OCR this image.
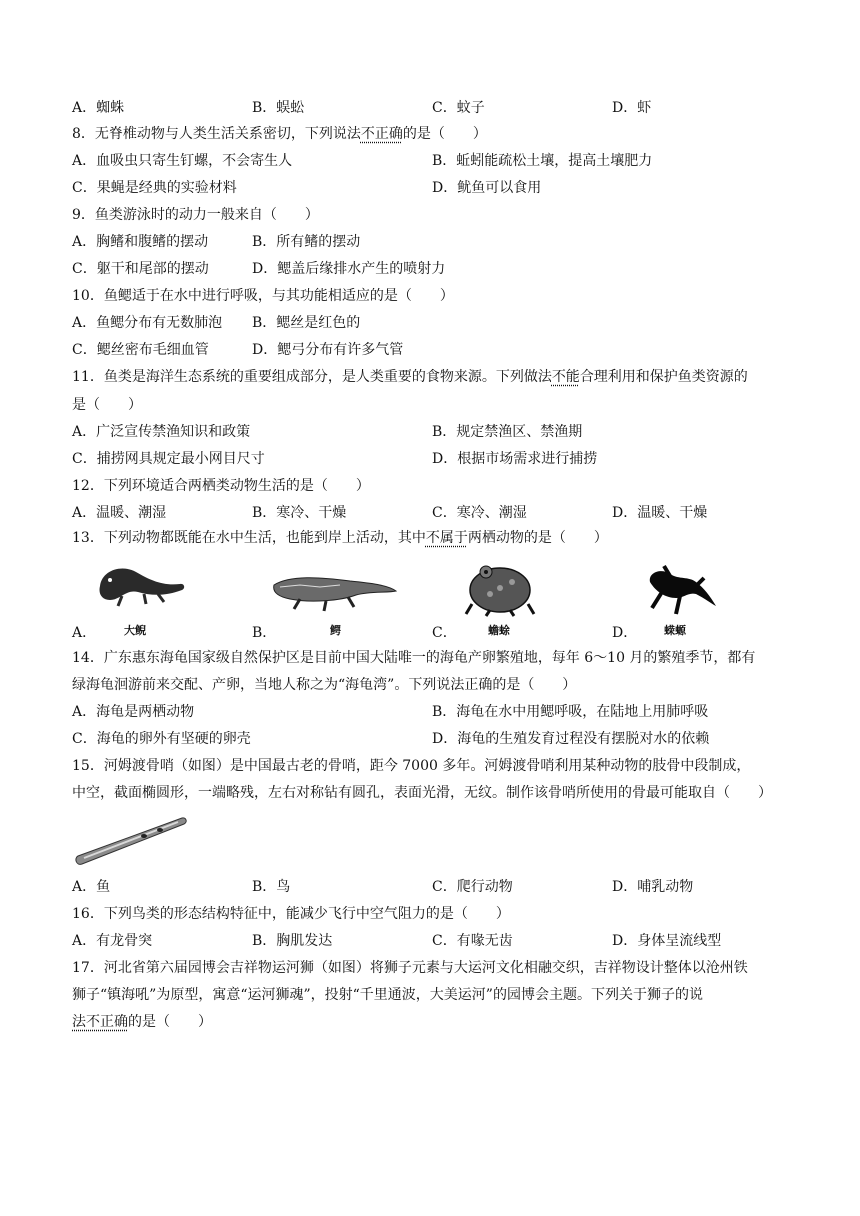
A．蜘蛛	B．蜈蚣	C．蚊子	D．虾
8．无脊椎动物与人类生活关系密切，下列说法不正确的是（　　）
A．血吸虫只寄生钉螺，不会寄生人	B．蚯蚓能疏松土壤，提高土壤肥力
C．果蝇是经典的实验材料	D．鱿鱼可以食用
9．鱼类游泳时的动力一般来自（　　）
A．胸鳍和腹鳍的摆动	B．所有鳍的摆动
C．躯干和尾部的摆动	D．鳃盖后缘排水产生的喷射力
10．鱼鳃适于在水中进行呼吸，与其功能相适应的是（　　）
A．鱼鳃分布有无数肺泡 B．鳃丝是红色的
C．鳃丝密布毛细血管	D．鳃弓分布有许多气管
11．鱼类是海洋生态系统的重要组成部分，是人类重要的食物来源。下列做法不能合理利用和保护鱼类资源的
是（　　）
A．广泛宣传禁渔知识和政策	B．规定禁渔区、禁渔期
C．捕捞网具规定最小网目尺寸	D．根据市场需求进行捕捞
12．下列环境适合两栖类动物生活的是（　　）
A．温暖、潮湿	B．寒冷、干燥	C．寒冷、潮湿	D．温暖、干燥
13．下列动物都既能在水中生活，也能到岸上活动，其中不属于两栖动物的是（　　）
大鲵	鳄	蟾蜍	蝾螈
A．	B．	C．	D．
14．广东惠东海龟国家级自然保护区是目前中国大陆唯一的海龟产卵繁殖地，每年 6～10 月的繁殖季节，都有
绿海龟洄游前来交配、产卵，当地人称之为“海龟湾”。下列说法正确的是（　　）
A．海龟是两栖动物	B．海龟在水中用鳃呼吸，在陆地上用肺呼吸
C．海龟的卵外有坚硬的卵壳	D．海龟的生殖发育过程没有摆脱对水的依赖
15．河姆渡骨哨（如图）是中国最古老的骨哨，距今 7000 多年。河姆渡骨哨利用某种动物的肢骨中段制成，
中空，截面椭圆形，一端略残，左右对称钻有圆孔，表面光滑，无纹。制作该骨哨所使用的骨最可能取自（　　）
A．鱼	B．鸟	C．爬行动物	D．哺乳动物
16．下列鸟类的形态结构特征中，能减少飞行中空气阻力的是（　　）
A．有龙骨突	B．胸肌发达	C．有喙无齿	D．身体呈流线型
17．河北省第六届园博会吉祥物运河狮（如图）将狮子元素与大运河文化相融交织，吉祥物设计整体以沧州铁
狮子“镇海吼”为原型，寓意“运河狮魂”，投射“千里通波，大美运河”的园博会主题。下列关于狮子的说
法不正确的是（　　）
